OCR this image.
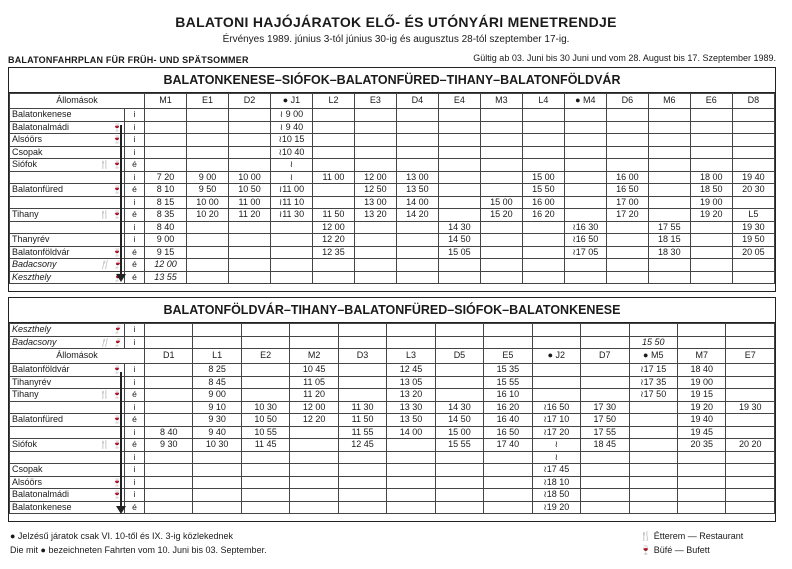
BALATONI HAJÓJÁRATOK ELŐ- ÉS UTÓNYÁRI MENETRENDJE
Érvényes 1989. június 3-tól június 30-ig és augusztus 28-tól szeptember 17-ig.
BALATONFAHRPLAN FÜR FRÜH- UND SPÄTSOMMER	Gültig ab 03. Juni bis 30 Juni und vom 28. August bis 17. Szeptember 1989.
BALATONKENESE–SIÓFOK–BALATONFÜRED–TIHANY–BALATONFÖLDVÁR
Állomások		M1	E1	D2	● J1	L2	E3	D4	E4	M3	L4	● M4	D6	M6	E6	D8
Balatonkenese	i				≀ 9 00											
Balatonalmádi 🍷	i				≀ 9 40											
Alsóörs 🍷	i				≀10 15											
Csopak	i				≀10 40											
Siófok 🍴 🍷	é				≀											

	i	7 20	9 00	10 00	≀	11 00	12 00	13 00			15 00		16 00		18 00	19 40
Balatonfüred 🍷	é	8 10	9 50	10 50	≀11 00		12 50	13 50			15 50		16 50		18 50	20 30

	i	8 15	10 00	11 00	≀11 10		13 00	14 00		15 00	16 00		17 00		19 00	
Tihany 🍴 🍷	é	8 35	10 20	11 20	≀11 30	11 50	13 20	14 20		15 20	16 20		17 20		19 20	L5

	i	8 40				12 00			14 30			≀16 30		17 55		19 30
Thanyrév	i	9 00				12 20			14 50			≀16 50		18 15		19 50
Balatonföldvár 🍷	é	9 15				12 35			15 05			≀17 05		18 30		20 05
Badacsony 🍴 🍷	é	12 00														
Keszthely 🍷	é	13 55														
BALATONFÖLDVÁR–TIHANY–BALATONFÜRED–SIÓFOK–BALATONKENESE
Keszthely 🍷	i													
Badacsony 🍴 🍷	i											15 50		
Állomások		D1	L1	E2	M2	D3	L3	D5	E5	● J2	D7	● M5	M7	E7
Balatonföldvár 🍷	i		8 25		10 45		12 45		15 35			≀17 15	18 40	
Tihanyrév	i		8 45		11 05		13 05		15 55			≀17 35	19 00	
Tihany 🍴 🍷	é		9 00		11 20		13 20		16 10			≀17 50	19 15	

	i		9 10	10 30	12 00	11 30	13 30	14 30	16 20	≀16 50	17 30		19 20	19 30
Balatonfüred 🍷	é		9 30	10 50	12 20	11 50	13 50	14 50	16 40	≀17 10	17 50		19 40	

	i	8 40	9 40	10 55		11 55	14 00	15 00	16 50	≀17 20	17 55		19 45	
Siófok 🍴 🍷	é	9 30	10 30	11 45		12 45		15 55	17 40	≀	18 45		20 35	20 20

	i									≀				
Csopak	i									≀17 45				
Alsóörs 🍷	i									≀18 10				
Balatonalmádi 🍷	i									≀18 50				
Balatonkenese	é									≀19 20				
● Jelzésű járatok csak VI. 10-től és IX. 3-ig közlekednek
Die mit ● bezeichneten Fahrten vom 10. Juni bis 03. September.
🍴 Étterem — Restaurant
🍷 Büfé — Bufett
